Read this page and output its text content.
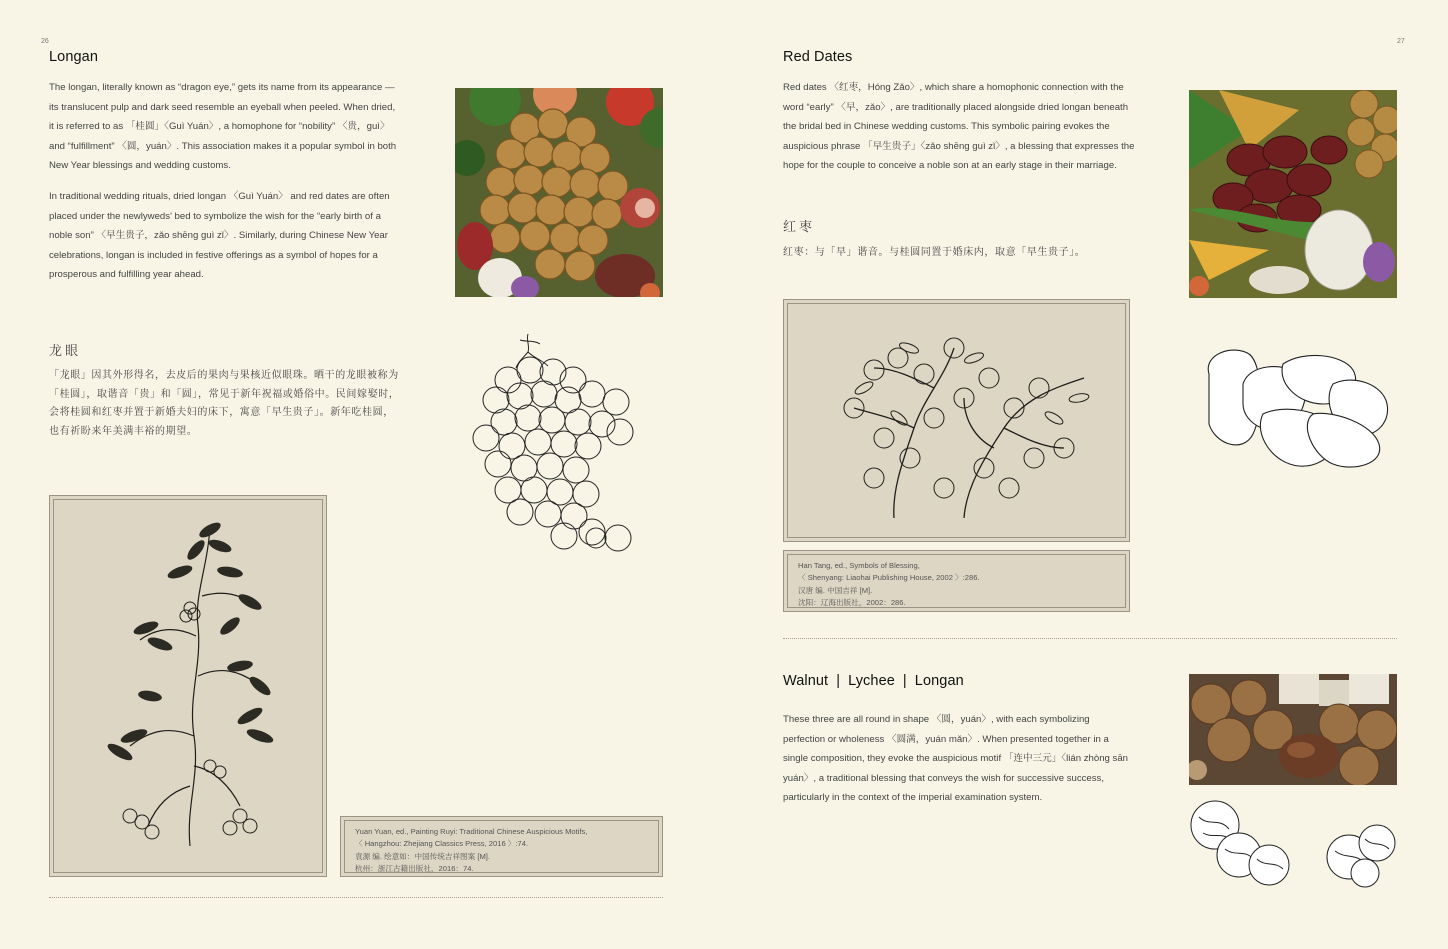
26
Longan

The longan, literally known as “dragon eye,” gets its name from its appearance — its translucent pulp and dark seed resemble an eyeball when peeled. When dried, it is referred to as 「桂圆」〈Guì Yuán〉, a homophone for “nobility” 〈贵，guì〉 and “fulfillment” 〈圆，yuán〉. This association makes it a popular symbol in both New Year blessings and wedding customs.

In traditional wedding rituals, dried longan 〈Guì Yuán〉 and red dates are often placed under the newlyweds' bed to symbolize the wish for the “early birth of a noble son” 〈早生贵子，zǎo shēng guì zǐ〉. Similarly, during Chinese New Year celebrations, longan is included in festive offerings as a symbol of hopes for a prosperous and fulfilling year ahead.

龙眼
「龙眼」因其外形得名，去皮后的果肉与果核近似眼珠。晒干的龙眼被称为「桂圆」，取谐音「贵」和「圆」，常见于新年祝福或婚俗中。民间嫁娶时，会将桂圆和红枣并置于新婚夫妇的床下，寓意「早生贵子」。新年吃桂圆，也有祈盼来年美满丰裕的期望。
Yuan Yuan, ed., Painting Ruyi: Traditional Chinese Auspicious Motifs,
〈 Hangzhou: Zhejiang Classics Press, 2016 〉:74.
袁源 编. 绘意如：中国传统吉祥图案 [M].
杭州：浙江古籍出版社，2016：74.
27
Red Dates
Red dates 〈红枣，Hóng Zǎo〉, which share a homophonic connection with the word “early” 〈早，zǎo〉, are traditionally placed alongside dried longan beneath the bridal bed in Chinese wedding customs. This symbolic pairing evokes the auspicious phrase 「早生贵子」〈zǎo shēng guì zǐ〉, a blessing that expresses the hope for the couple to conceive a noble son at an early stage in their marriage.
红枣
红枣：与「早」谐音。与桂圆同置于婚床内，取意「早生贵子」。
Han Tang, ed., Symbols of Blessing,
〈 Shenyang: Liaohai Publishing House, 2002 〉:286.
汉唐 编. 中国吉祥 [M].
沈阳：辽海出版社，2002：286.
Walnut | Lychee | Longan
These three are all round in shape 〈圆，yuán〉, with each symbolizing perfection or wholeness 〈圆满，yuán mǎn〉. When presented together in a single composition, they evoke the auspicious motif 「连中三元」〈lián zhòng sān yuán〉, a traditional blessing that conveys the wish for successive success, particularly in the context of the imperial examination system.
